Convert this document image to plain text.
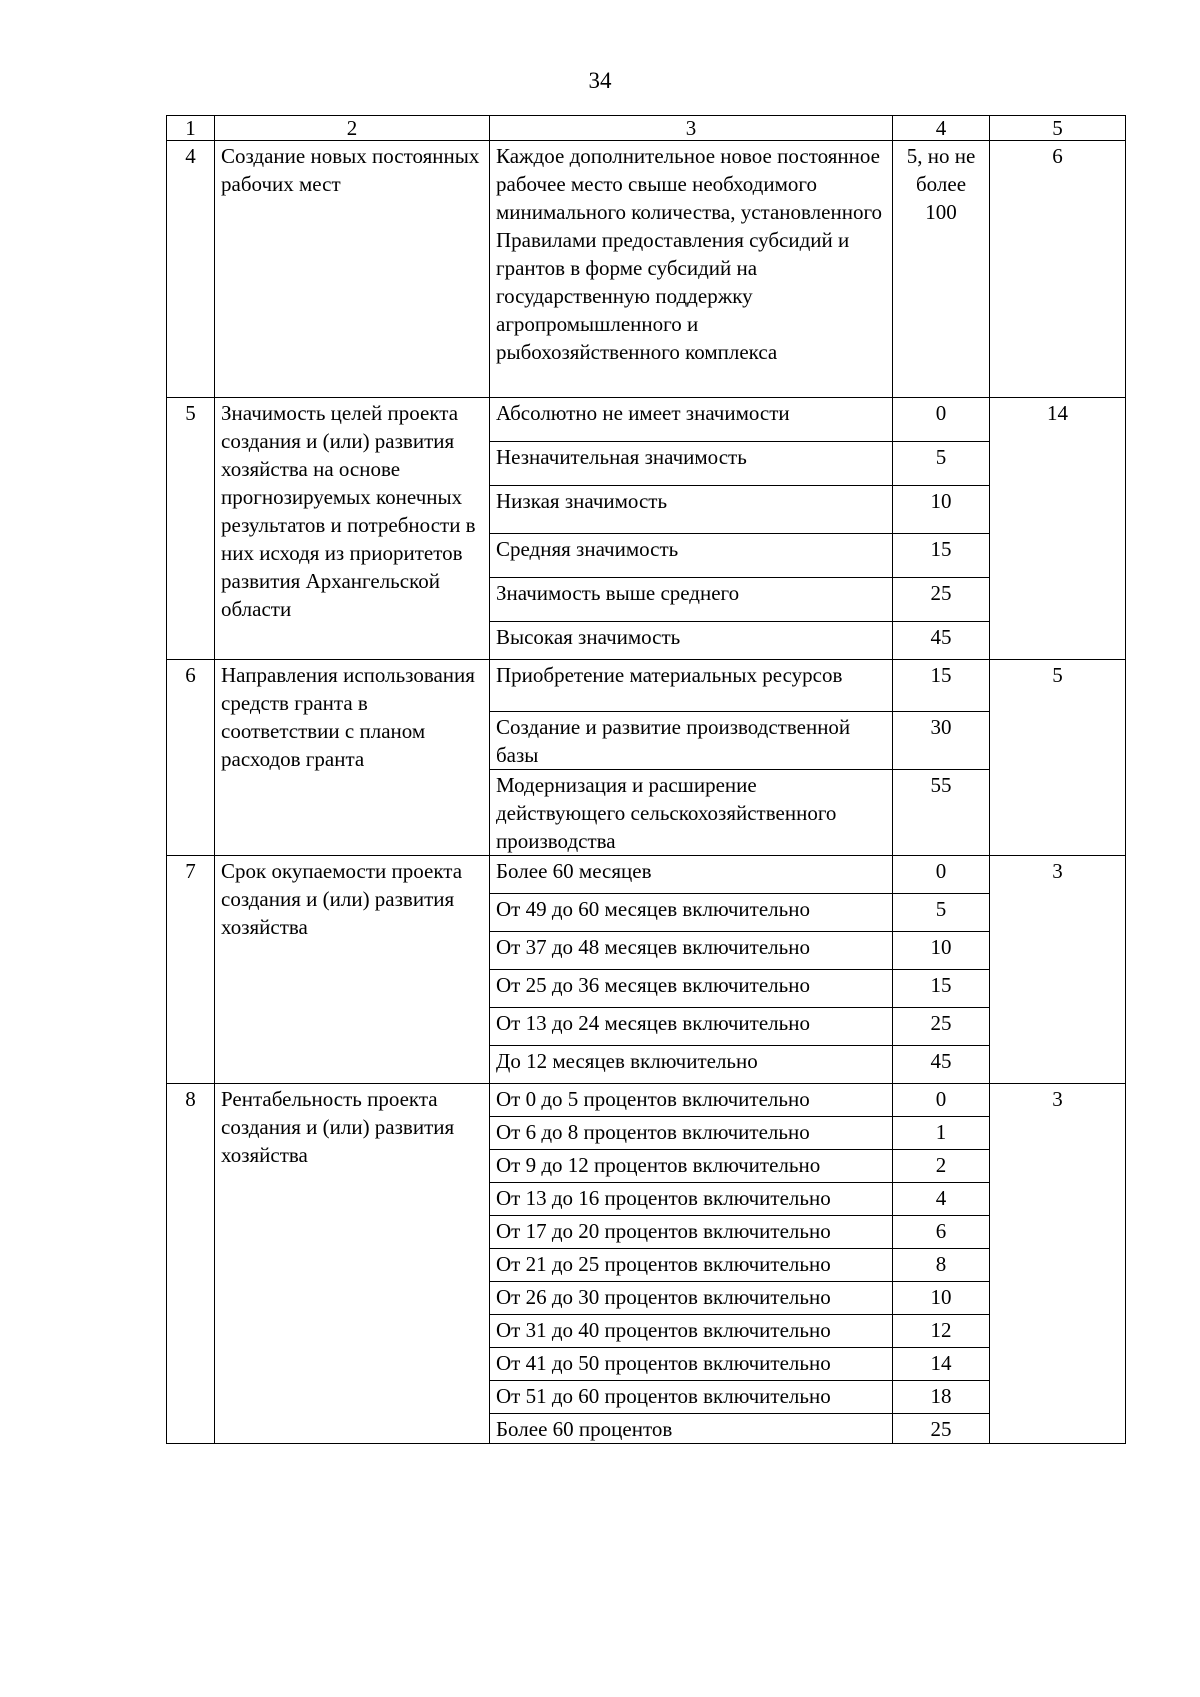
34
1	2	3	4	5
4	Создание новых постоянных рабочих мест	Каждое дополнительное новое постоянное рабочее место свыше необходимого минимального количества, установленного Правилами предоставления субсидий и грантов в форме субсидий на государственную поддержку агропромышленного и рыбохозяйственного комплекса	5, но не более 100	6
5	Значимость целей проекта создания и (или) развития хозяйства на основе прогнозируемых конечных результатов и потребности в них исходя из приоритетов развития Архангельской области	Абсолютно не имеет значимости	0	14
		Незначительная значимость	5	
		Низкая значимость	10	
		Средняя значимость	15	
		Значимость выше среднего	25	
		Высокая значимость	45	
6	Направления использования средств гранта в соответствии с планом расходов гранта	Приобретение материальных ресурсов	15	5
		Создание и развитие производственной базы	30	
		Модернизация и расширение действующего сельскохозяйственного производства	55	
7	Срок окупаемости проекта создания и (или) развития хозяйства	Более 60 месяцев	0	3
		От 49 до 60 месяцев включительно	5	
		От 37 до 48 месяцев включительно	10	
		От 25 до 36 месяцев включительно	15	
		От 13 до 24 месяцев включительно	25	
		До 12 месяцев включительно	45	
8	Рентабельность проекта создания и (или) развития хозяйства	От 0 до 5 процентов включительно	0	3
		От 6 до 8 процентов включительно	1	
		От 9 до 12 процентов включительно	2	
		От 13 до 16 процентов включительно	4	
		От 17 до 20 процентов включительно	6	
		От 21 до 25 процентов включительно	8	
		От 26 до 30 процентов включительно	10	
		От 31 до 40 процентов включительно	12	
		От 41 до 50 процентов включительно	14	
		От 51 до 60 процентов включительно	18	
		Более 60 процентов	25	
